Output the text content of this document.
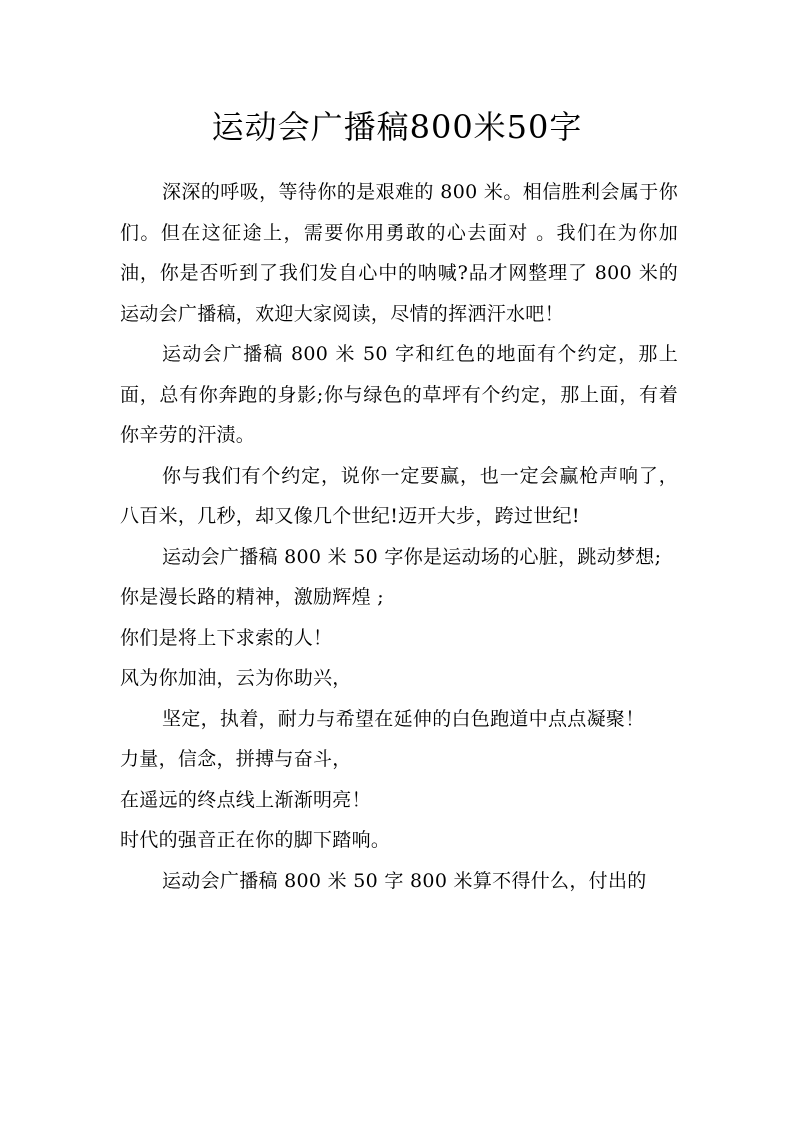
运动会广播稿800米50字

深深的呼吸，等待你的是艰难的 800 米。相信胜利会属于你们。但在这征途上，需要你用勇敢的心去面对 。我们在为你加油，你是否听到了我们发自心中的呐喊?品才网整理了 800 米的运动会广播稿，欢迎大家阅读，尽情的挥洒汗水吧！

运动会广播稿 800 米 50 字和红色的地面有个约定，那上面，总有你奔跑的身影;你与绿色的草坪有个约定，那上面，有着你辛劳的汗渍。

你与我们有个约定，说你一定要赢，也一定会赢枪声响了，八百米，几秒，却又像几个世纪!迈开大步，跨过世纪!

运动会广播稿 800 米 50 字你是运动场的心脏，跳动梦想;

你是漫长路的精神，激励辉煌 ;

你们是将上下求索的人！

风为你加油，云为你助兴，

坚定，执着，耐力与希望在延伸的白色跑道中点点凝聚！

力量，信念，拼搏与奋斗，

在遥远的终点线上渐渐明亮！

时代的强音正在你的脚下踏响。

运动会广播稿 800 米 50 字 800 米算不得什么，付出的
